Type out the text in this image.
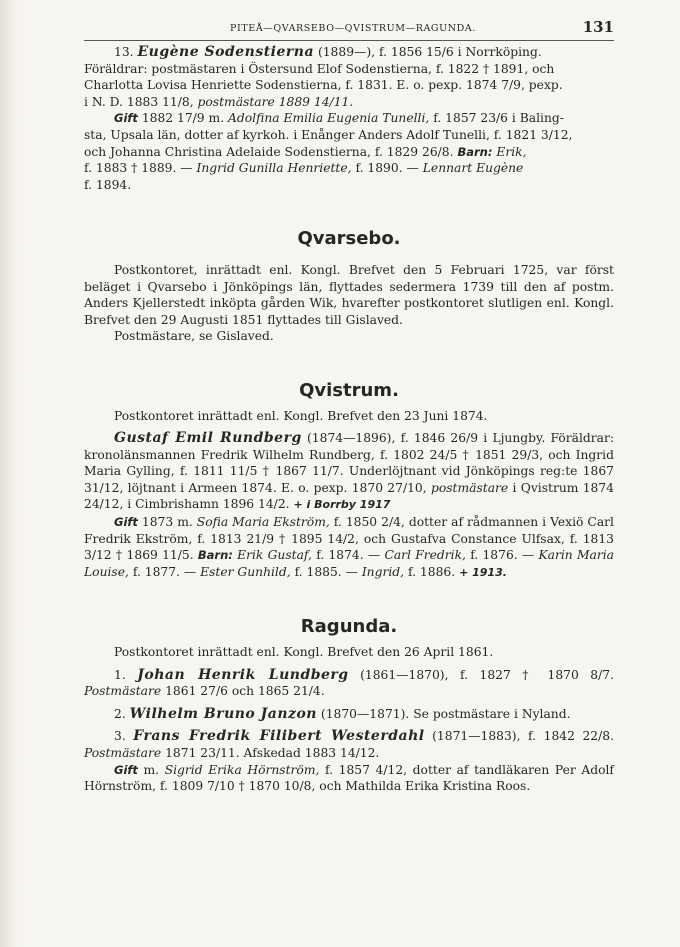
PITEÅ—QVARSEBO—QVISTRUM—RAGUNDA.	131

13. Eugène Sodenstierna (1889—), f. 1856 15/6 i Norrköping.

Föräldrar: postmästaren i Östersund Elof Sodenstierna, f. 1822 † 1891, och

Charlotta Lovisa Henriette Sodenstierna, f. 1831. E. o. pexp. 1874 7/9, pexp.

i N. D. 1883 11/8, postmästare 1889 14/11.

Gift 1882 17/9 m. Adolfina Emilia Eugenia Tunelli, f. 1857 23/6 i Baling-

sta, Upsala län, dotter af kyrkoh. i Enånger Anders Adolf Tunelli, f. 1821 3/12,

och Johanna Christina Adelaide Sodenstierna, f. 1829 26/8. Barn: Erik,

f. 1883 † 1889. — Ingrid Gunilla Henriette, f. 1890. — Lennart Eugène

f. 1894.

Qvarsebo.

Postkontoret, inrättadt enl. Kongl. Brefvet den 5 Februari 1725, var först beläget i Qvarsebo i Jönköpings län, flyttades sedermera 1739 till den af postm. Anders Kjellerstedt inköpta gården Wik, hvarefter postkontoret slutligen enl. Kongl. Brefvet den 29 Augusti 1851 flyttades till Gislaved.

Postmästare, se Gislaved.

Qvistrum.

Postkontoret inrättadt enl. Kongl. Brefvet den 23 Juni 1874.

Gustaf Emil Rundberg (1874—1896), f. 1846 26/9 i Ljungby. Föräldrar: kronolänsmannen Fredrik Wilhelm Rundberg, f. 1802 24/5 † 1851 29/3, och Ingrid Maria Gylling, f. 1811 11/5 † 1867 11/7. Underlöjtnant vid Jönköpings reg:te 1867 31/12, löjtnant i Armeen 1874. E. o. pexp. 1870 27/10, postmästare i Qvistrum 1874 24/12, i Cimbrishamn 1896 14/2. + i Borrby 1917

Gift 1873 m. Sofia Maria Ekström, f. 1850 2/4, dotter af rådmannen i Vexiö Carl Fredrik Ekström, f. 1813 21/9 † 1895 14/2, och Gustafva Constance Ulfsax, f. 1813 3/12 † 1869 11/5. Barn: Erik Gustaf, f. 1874. — Carl Fredrik, f. 1876. — Karin Maria Louise, f. 1877. — Ester Gunhild, f. 1885. — Ingrid, f. 1886. + 1913.

Ragunda.

Postkontoret inrättadt enl. Kongl. Brefvet den 26 April 1861.

1. Johan Henrik Lundberg (1861—1870), f. 1827 † 1870 8/7. Postmästare 1861 27/6 och 1865 21/4.

2. Wilhelm Bruno Janzon (1870—1871). Se postmästare i Nyland.

3. Frans Fredrik Filibert Westerdahl (1871—1883), f. 1842 22/8. Postmästare 1871 23/11. Afskedad 1883 14/12.

Gift m. Sigrid Erika Hörnström, f. 1857 4/12, dotter af tandläkaren Per Adolf Hörnström, f. 1809 7/10 † 1870 10/8, och Mathilda Erika Kristina Roos.
